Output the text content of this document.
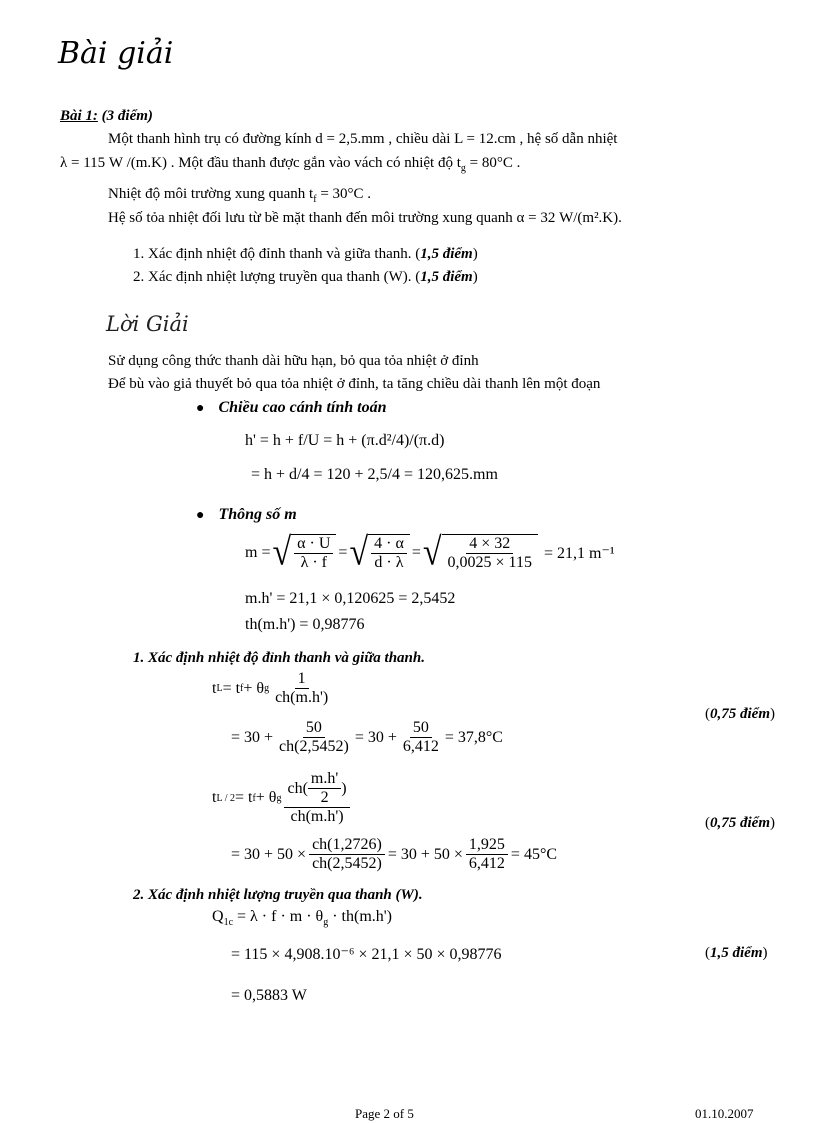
Bài giải
Bài 1: (3 điểm)
Một thanh hình trụ có đường kính d = 2,5.mm , chiều dài L = 12.cm , hệ số dẫn nhiệt
λ = 115 W /(m.K) . Một đầu thanh được gắn vào vách có nhiệt độ $t_g = 80^\circ C$ .
Nhiệt độ môi trường xung quanh $t_f = 30^\circ C$ .
Hệ số tỏa nhiệt đối lưu từ bề mặt thanh đến môi trường xung quanh α = 32 W/(m².K).
1. Xác định nhiệt độ đỉnh thanh và giữa thanh. (1,5 điểm)
2. Xác định nhiệt lượng truyền qua thanh (W). (1,5 điểm)
Lời Giải
Sử dụng công thức thanh dài hữu hạn, bỏ qua tỏa nhiệt ở đỉnh
Để bù vào giả thuyết bỏ qua tỏa nhiệt ở đỉnh, ta tăng chiều dài thanh lên một đoạn
● Chiều cao cánh tính toán
h' = h + f/U = h + (π.d²/4)/(π.d)
= h + d/4 = 120 + 2,5/4 = 120,625.mm
● Thông số m
m = √ $\frac{\alpha \cdot U}{\lambda \cdot f}$ = √ $\frac{4 \cdot \alpha}{d \cdot \lambda}$ = √ $\frac{4 \times 32}{0,0025 \times 115} = 21,1$ m⁻¹
m.h' = 21,1 × 0,120625 = 2,5452
th(m.h') = 0,98776
1. Xác định nhiệt độ đỉnh thanh và giữa thanh.
t L = t f + θ g $\frac{1}{ch(m.h')}$
= $30 + \frac{50}{ch(2,5452)} = 30 + \frac{50}{6,412} = 37,8^\circ C$
(0,75 điểm)
t L / 2 = t f + θ g $\frac{ch( \frac{m.h'}{2} )}{ch(m.h')}$	(0,75 điểm)
= $30 + 50 \times \frac{ch(1,2726)}{ch(2,5452)} = 30 + 50 \times \frac{1,925}{6,412} = 45^\circ C$
2. Xác định nhiệt lượng truyền qua thanh (W).
$Q_{1c} = \lambda \cdot f \cdot m \cdot \theta_g \cdot th(m.h')$
= 115 × 4,908.10⁻⁶ × 21,1 × 50 × 0,98776	(1,5 điểm)
= 0,5883 W
Page 2 of 5	01.10.2007
